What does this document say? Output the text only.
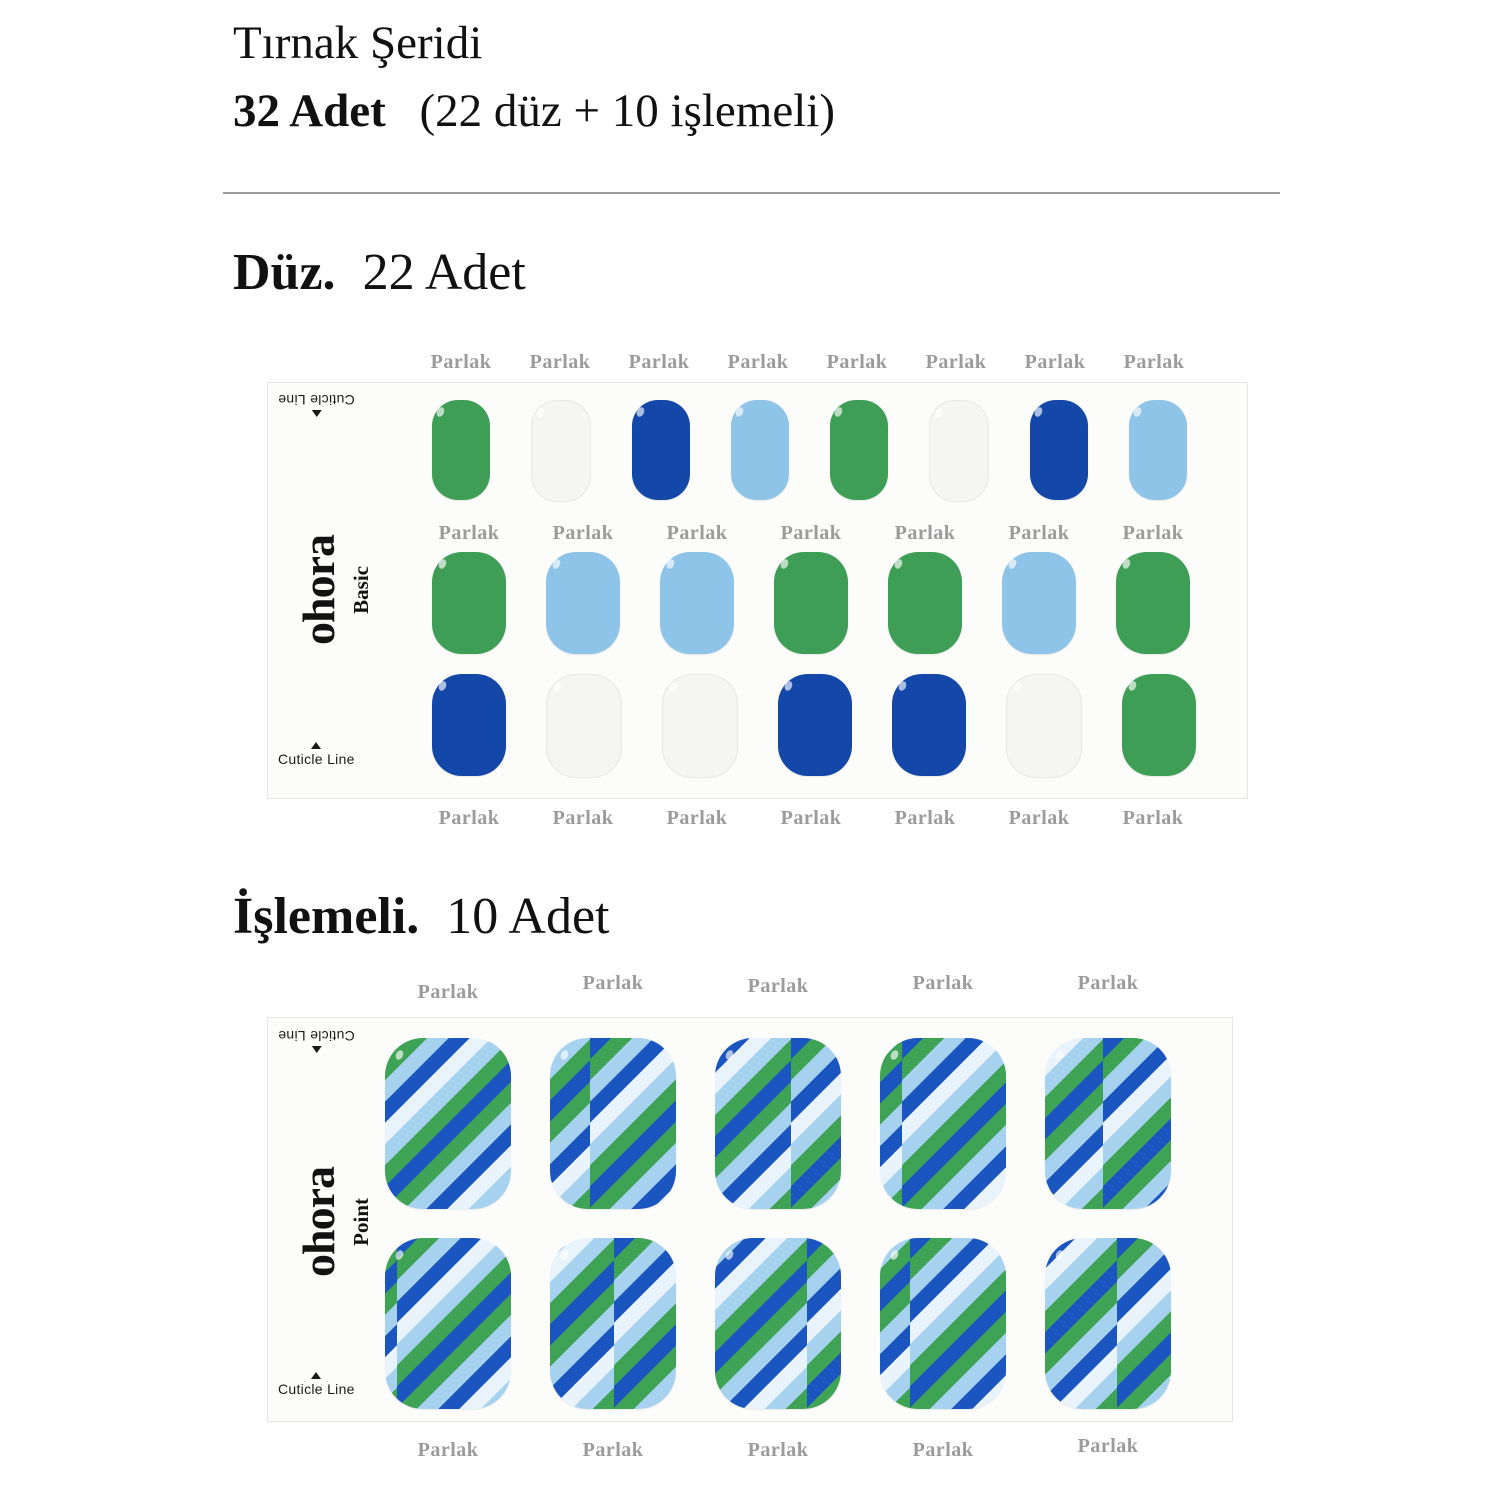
Tırnak Şeridi
32 Adet (22 düz + 10 işlemeli)
Düz. 22 Adet
Parlak Parlak Parlak Parlak Parlak Parlak Parlak Parlak
Parlak	Parlak	Parlak	Parlak	Parlak	Parlak	Parlak
Parlak	Parlak	Parlak	Parlak	Parlak	Parlak	Parlak
Cuticle Line
ohora Basic
Cuticle Line
İşlemeli. 10 Adet
Parlak	Parlak	Parlak	Parlak	Parlak
Parlak	Parlak	Parlak	Parlak	Parlak
Cuticle Line
ohora Point
Cuticle Line
